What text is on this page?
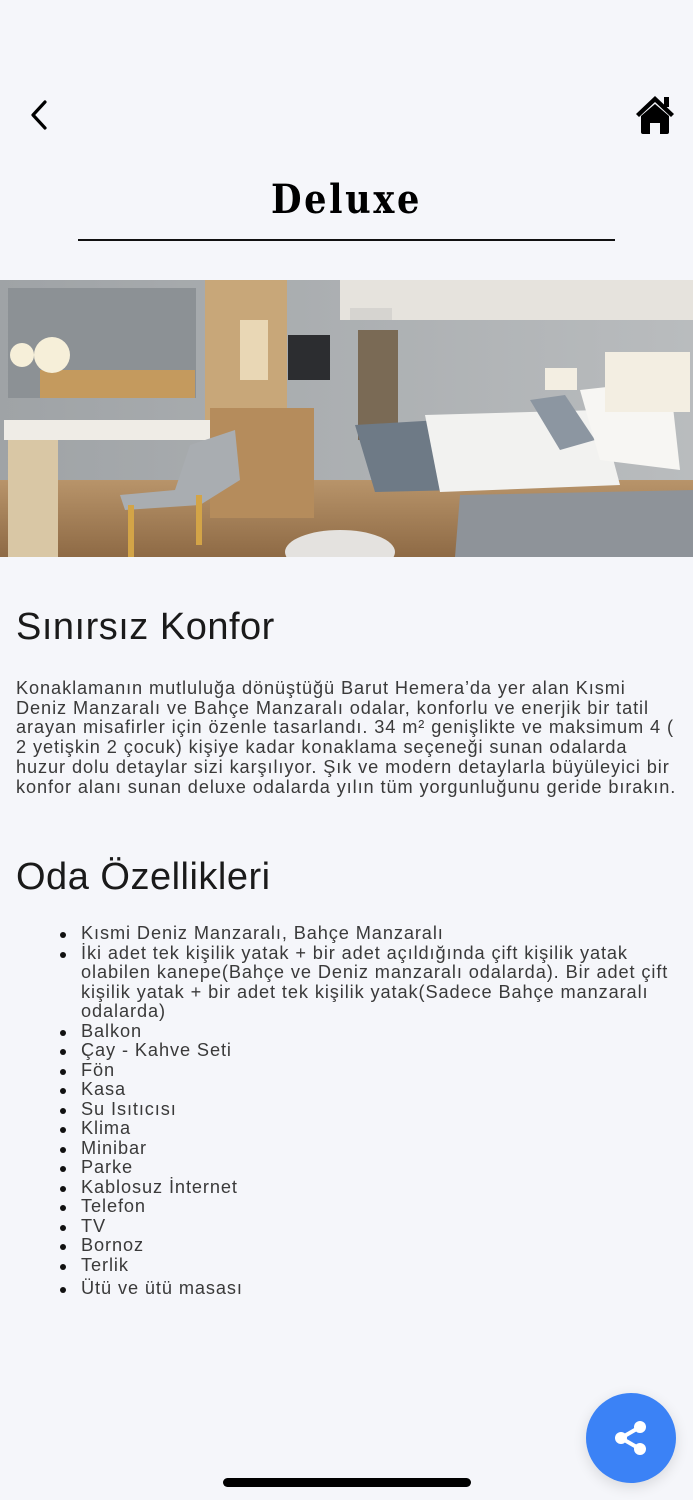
Deluxe
Sınırsız Konfor

Konaklamanın mutluluğa dönüştüğü Barut Hemera’da yer alan Kısmi Deniz Manzaralı ve Bahçe Manzaralı odalar, konforlu ve enerjik bir tatil arayan misafirler için özenle tasarlandı. 34 m² genişlikte ve maksimum 4 ( 2 yetişkin 2 çocuk) kişiye kadar konaklama seçeneği sunan odalarda huzur dolu detaylar sizi karşılıyor. Şık ve modern detaylarla büyüleyici bir konfor alanı sunan deluxe odalarda yılın tüm yorgunluğunu geride bırakın.

Oda Özellikleri
Kısmi Deniz Manzaralı, Bahçe Manzaralı
İki adet tek kişilik yatak + bir adet açıldığında çift kişilik yatak olabilen kanepe(Bahçe ve Deniz manzaralı odalarda). Bir adet çift kişilik yatak + bir adet tek kişilik yatak(Sadece Bahçe manzaralı odalarda)
Balkon
Çay - Kahve Seti
Fön
Kasa
Su Isıtıcısı
Klima
Minibar
Parke
Kablosuz İnternet
Telefon
TV
Bornoz
Terlik
Ütü ve ütü masası
